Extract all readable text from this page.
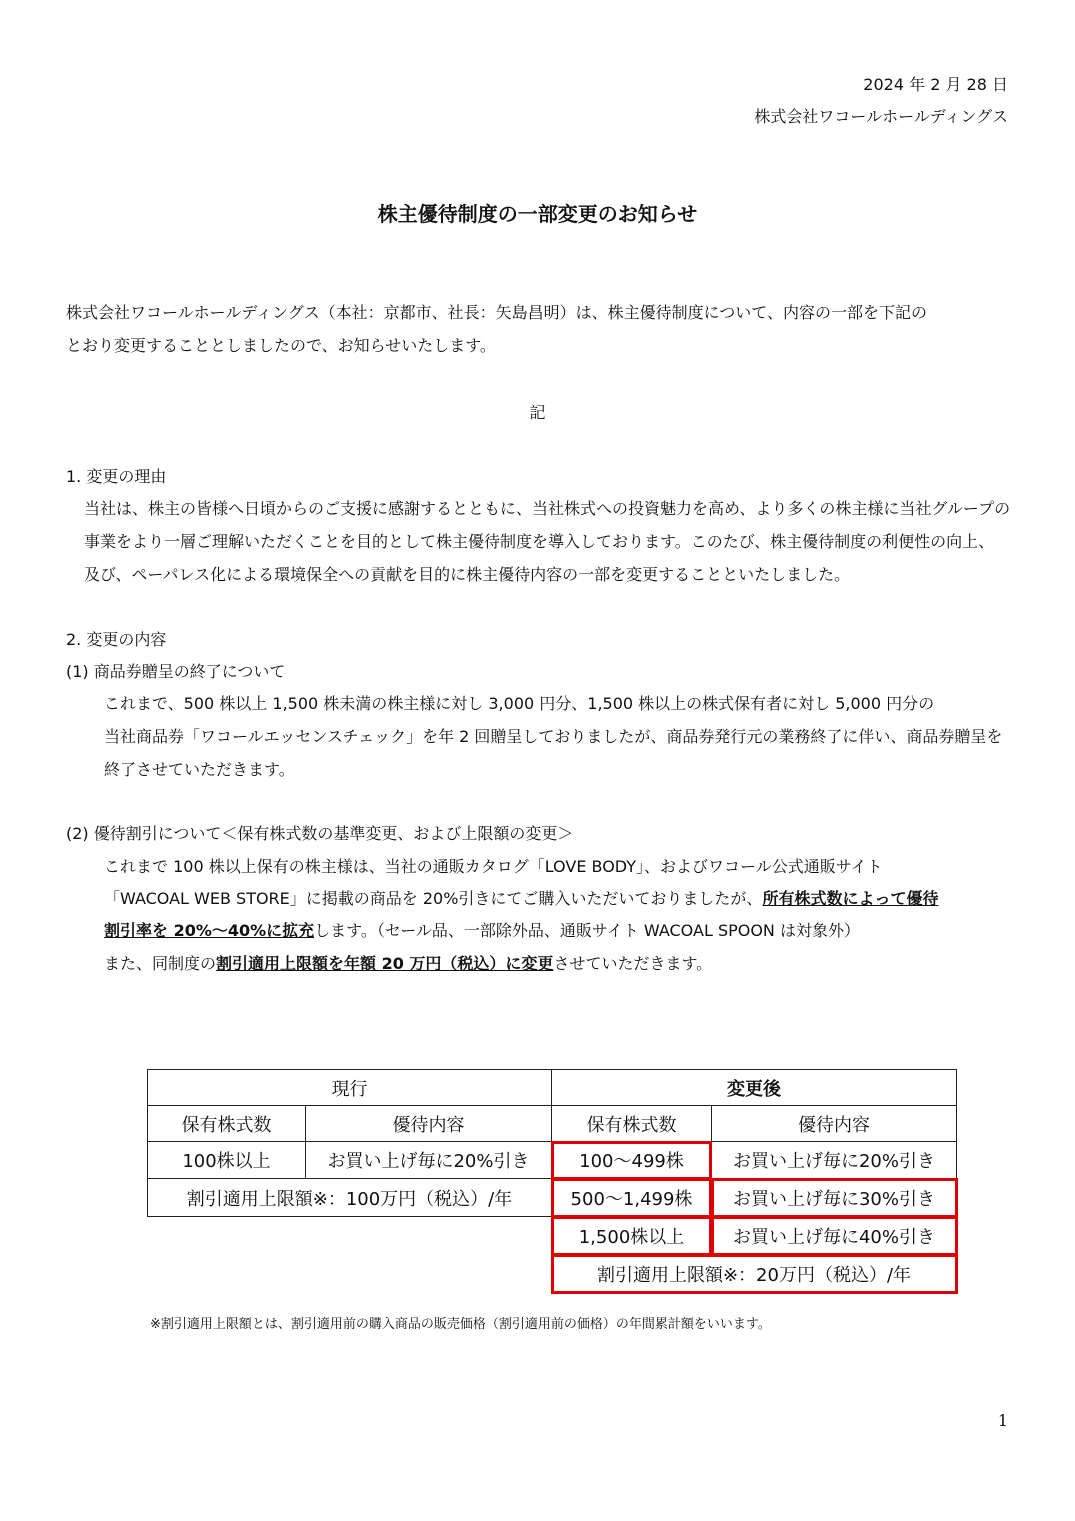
2024 年 2 月 28 日
株式会社ワコールホールディングス
株主優待制度の一部変更のお知らせ
株式会社ワコールホールディングス（本社：京都市、社長：矢島昌明）は、株主優待制度について、内容の一部を下記の
とおり変更することとしましたので、お知らせいたします。
記
1. 変更の理由
当社は、株主の皆様へ日頃からのご支援に感謝するとともに、当社株式への投資魅力を高め、より多くの株主様に当社グループの
事業をより一層ご理解いただくことを目的として株主優待制度を導入しております。このたび、株主優待制度の利便性の向上、
及び、ペーパレス化による環境保全への貢献を目的に株主優待内容の一部を変更することといたしました。
2. 変更の内容
(1) 商品券贈呈の終了について
これまで、500 株以上 1,500 株未満の株主様に対し 3,000 円分、1,500 株以上の株式保有者に対し 5,000 円分の
当社商品券「ワコールエッセンスチェック」を年 2 回贈呈しておりましたが、商品券発行元の業務終了に伴い、商品券贈呈を
終了させていただきます。
(2) 優待割引について＜保有株式数の基準変更、および上限額の変更＞
これまで 100 株以上保有の株主様は、当社の通販カタログ「LOVE BODY」、およびワコール公式通販サイト
「WACOAL WEB STORE」に掲載の商品を 20%引きにてご購入いただいておりましたが、所有株式数によって優待
割引率を 20%～40%に拡充します。（セール品、一部除外品、通販サイト WACOAL SPOON は対象外）
また、同制度の割引適用上限額を年額 20 万円（税込）に変更させていただきます。
現行
保有株式数	優待内容
100株以上	お買い上げ毎に20%引き
割引適用上限額※：100万円（税込）/年
変更後
保有株式数	優待内容
100～499株	お買い上げ毎に20%引き
500～1,499株	お買い上げ毎に30%引き
1,500株以上	お買い上げ毎に40%引き
割引適用上限額※：20万円（税込）/年
※割引適用上限額とは、割引適用前の購入商品の販売価格（割引適用前の価格）の年間累計額をいいます。
1
